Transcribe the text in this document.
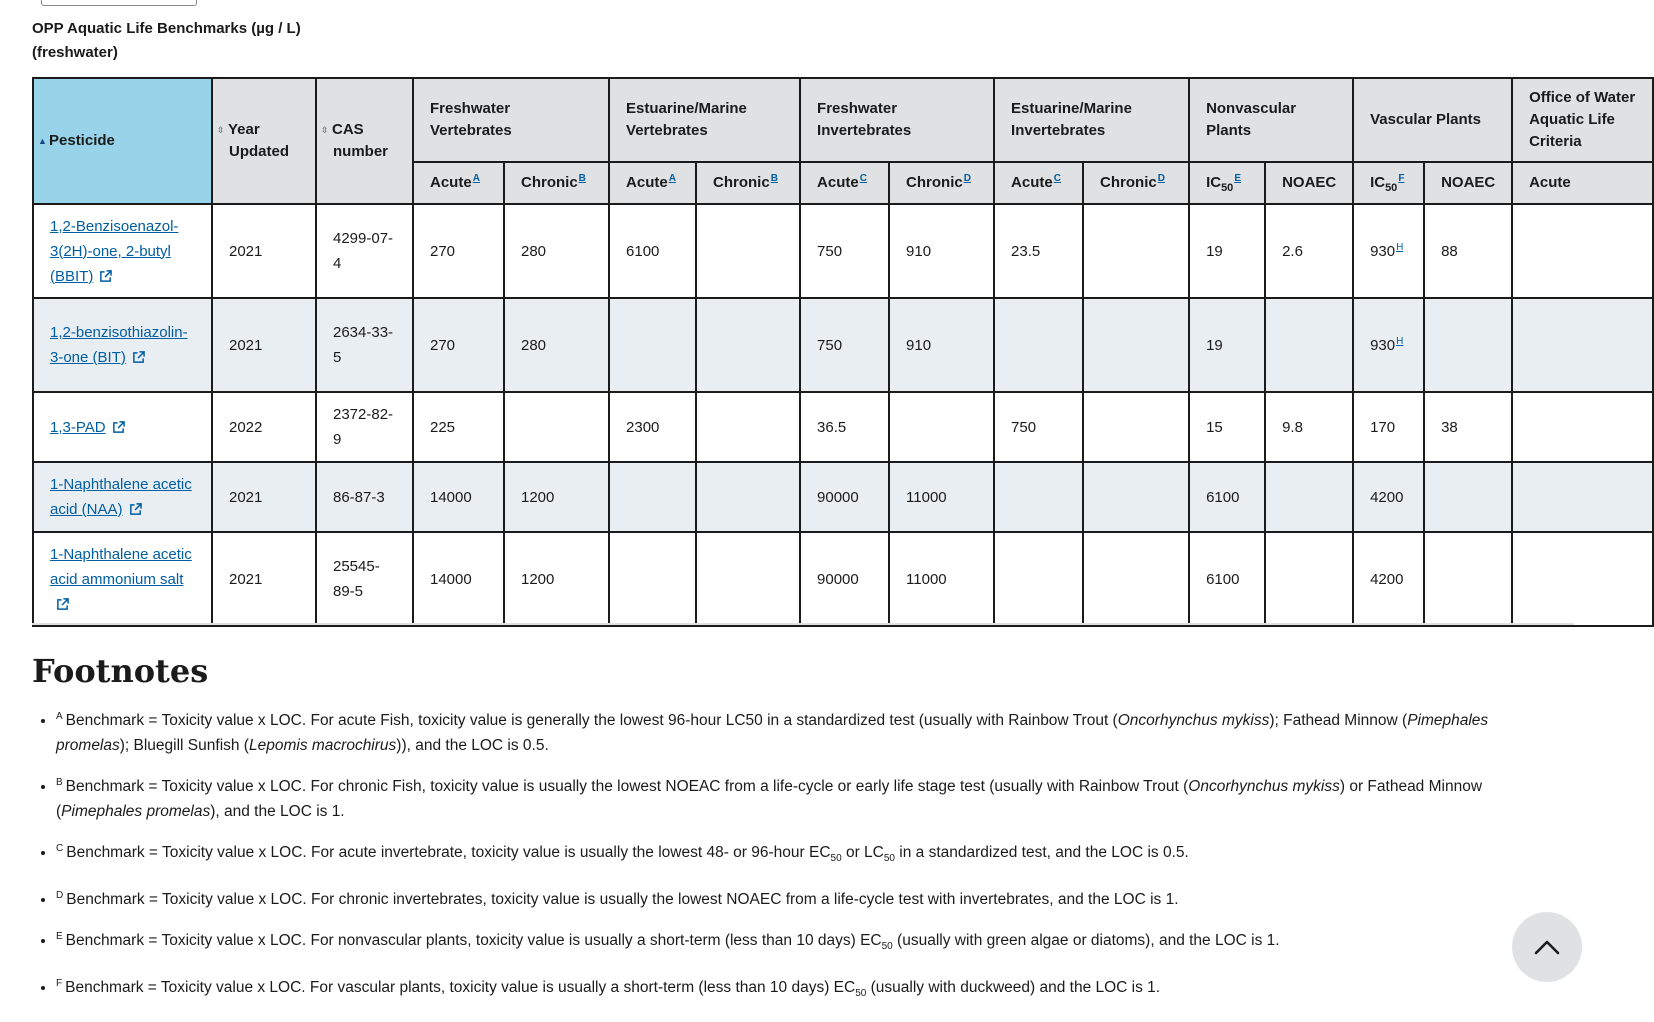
OPP Aquatic Life Benchmarks (µg / L) (freshwater)
▲ Pesticide	⇳ Year Updated	⇳ CAS number	Freshwater Vertebrates		Estuarine/Marine Vertebrates		Freshwater Invertebrates		Estuarine/Marine Invertebrates		Nonvascular Plants		Vascular Plants		Office of Water Aquatic Life Criteria
			Acute$^A$	Chronic$^B$	Acute$^A$	Chronic$^B$	Acute$^C$	Chronic$^D$	Acute$^C$	Chronic$^D$	$IC_{50}^E$	NOAEC	$IC_{50}^F$	NOAEC	Acute
1,2-Benzisoenazol-3(2H)-one, 2-butyl (BBIT)	2021	4299-07-4	270	280	6100		750	910	23.5		19	2.6	930$^H$	88	
1,2-benzisothiazolin-3-one (BIT)	2021	2634-33-5	270	280			750	910			19		930$^H$		
1,3-PAD	2022	2372-82-9	225		2300		36.5		750		15	9.8	170	38	
1-Naphthalene acetic acid (NAA)	2021	86-87-3	14000	1200			90000	11000			6100		4200		
1-Naphthalene acetic acid ammonium salt	2021	25545-89-5	14000	1200			90000	11000			6100		4200		
Footnotes
• $^A$ Benchmark = Toxicity value x LOC. For acute Fish, toxicity value is generally the lowest 96-hour LC50 in a standardized test (usually with Rainbow Trout (Oncorhynchus mykiss); Fathead Minnow (Pimephales promelas); Bluegill Sunfish (Lepomis macrochirus)), and the LOC is 0.5.
• $^B$ Benchmark = Toxicity value x LOC. For chronic Fish, toxicity value is usually the lowest NOEAC from a life-cycle or early life stage test (usually with Rainbow Trout (Oncorhynchus mykiss) or Fathead Minnow (Pimephales promelas), and the LOC is 1.
• $^C$ Benchmark = Toxicity value x LOC. For acute invertebrate, toxicity value is usually the lowest 48- or 96-hour $EC_{50}$ or $LC_{50}$ in a standardized test, and the LOC is 0.5.
• $^D$ Benchmark = Toxicity value x LOC. For chronic invertebrates, toxicity value is usually the lowest NOAEC from a life-cycle test with invertebrates, and the LOC is 1.
• $^E$ Benchmark = Toxicity value x LOC. For nonvascular plants, toxicity value is usually a short-term (less than 10 days) $EC_{50}$ (usually with green algae or diatoms), and the LOC is 1.
• $^F$ Benchmark = Toxicity value x LOC. For vascular plants, toxicity value is usually a short-term (less than 10 days) $EC_{50}$ (usually with duckweed) and the LOC is 1.
